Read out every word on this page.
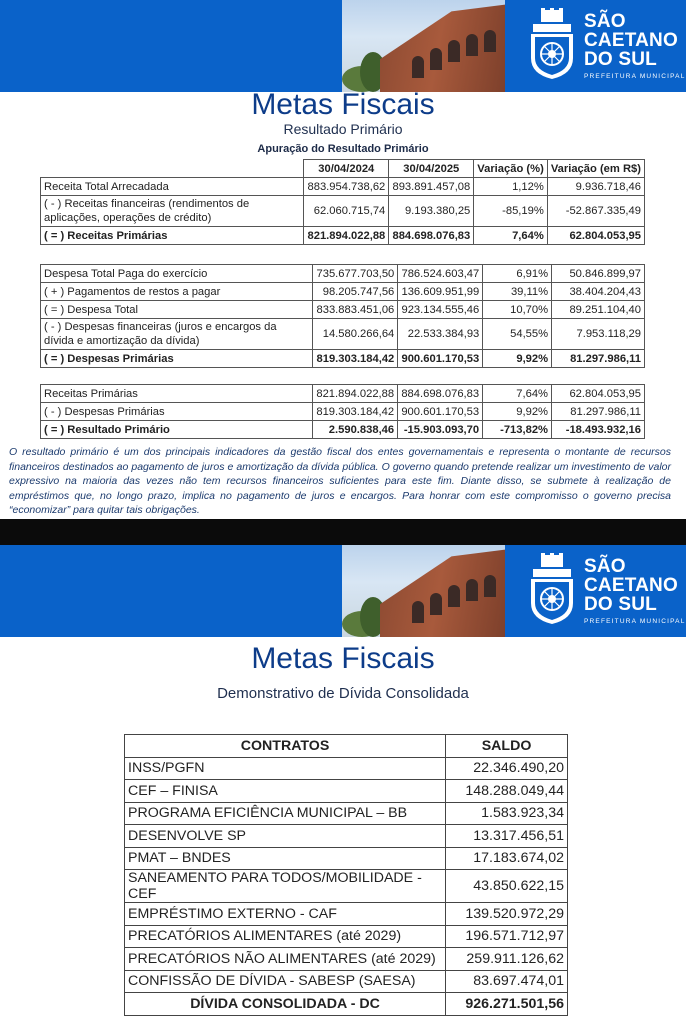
SÃO
CAETANO
DO SUL
PREFEITURA MUNICIPAL
Metas Fiscais
Resultado Primário
Apuração do Resultado Primário
	30/04/2024	30/04/2025	Variação (%)	Variação (em R$)
Receita Total Arrecadada	883.954.738,62	893.891.457,08	1,12%	9.936.718,46
( - ) Receitas financeiras (rendimentos de aplicações, operações de crédito)	62.060.715,74	9.193.380,25	-85,19%	-52.867.335,49
( = ) Receitas Primárias	821.894.022,88	884.698.076,83	7,64%	62.804.053,95
Despesa Total Paga do exercício	735.677.703,50	786.524.603,47	6,91%	50.846.899,97
( + ) Pagamentos de restos a pagar	98.205.747,56	136.609.951,99	39,11%	38.404.204,43
( = ) Despesa Total	833.883.451,06	923.134.555,46	10,70%	89.251.104,40
( - ) Despesas financeiras (juros e encargos da dívida e amortização da dívida)	14.580.266,64	22.533.384,93	54,55%	7.953.118,29
( = ) Despesas Primárias	819.303.184,42	900.601.170,53	9,92%	81.297.986,11
Receitas Primárias	821.894.022,88	884.698.076,83	7,64%	62.804.053,95
( - ) Despesas Primárias	819.303.184,42	900.601.170,53	9,92%	81.297.986,11
( = ) Resultado Primário	2.590.838,46	-15.903.093,70	-713,82%	-18.493.932,16
O resultado primário é um dos principais indicadores da gestão fiscal dos entes governamentais e representa o montante de recursos financeiros destinados ao pagamento de juros e amortização da dívida pública. O governo quando pretende realizar um investimento de valor expressivo na maioria das vezes não tem recursos financeiros suficientes para este fim. Diante disso, se submete à realização de empréstimos que, no longo prazo, implica no pagamento de juros e encargos. Para honrar com este compromisso o governo precisa “economizar” para quitar tais obrigações.
SÃO
CAETANO
DO SUL
PREFEITURA MUNICIPAL
Metas Fiscais
Demonstrativo de Dívida Consolidada
CONTRATOS	SALDO
INSS/PGFN	22.346.490,20
CEF – FINISA	148.288.049,44
PROGRAMA EFICIÊNCIA MUNICIPAL – BB	1.583.923,34
DESENVOLVE SP	13.317.456,51
PMAT – BNDES	17.183.674,02
SANEAMENTO PARA TODOS/MOBILIDADE - CEF	43.850.622,15
EMPRÉSTIMO EXTERNO - CAF	139.520.972,29
PRECATÓRIOS ALIMENTARES (até 2029)	196.571.712,97
PRECATÓRIOS NÃO ALIMENTARES (até 2029)	259.911.126,62
CONFISSÃO DE DÍVIDA - SABESP (SAESA)	83.697.474,01
DÍVIDA CONSOLIDADA - DC	926.271.501,56
